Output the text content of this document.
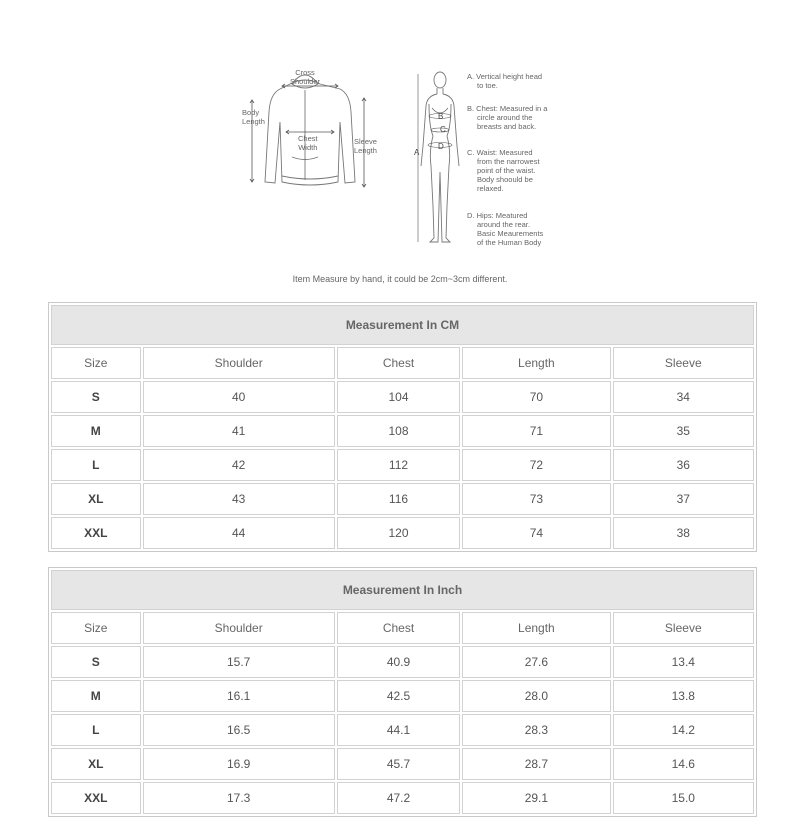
Cross
Shoulder
Body
Length
Chest
Width
Sleeve
Length	A
B
C
D
A. Vertical height head
to toe.
B. Chest: Measured in a
circle around the
breasts and back.
C. Waist: Measured
from the narrowest
point of the waist.
Body shoould be
relaxed.
D. Hips: Meatured
around the rear.
Basic Meaurements
of the Human Body
Item Measure by hand, it could be 2cm~3cm different.
Measurement In CM				
Size	Shoulder	Chest	Length	Sleeve
S	40	104	70	34
M	41	108	71	35
L	42	112	72	36
XL	43	116	73	37
XXL	44	120	74	38
Measurement In Inch				
Size	Shoulder	Chest	Length	Sleeve
S	15.7	40.9	27.6	13.4
M	16.1	42.5	28.0	13.8
L	16.5	44.1	28.3	14.2
XL	16.9	45.7	28.7	14.6
XXL	17.3	47.2	29.1	15.0
